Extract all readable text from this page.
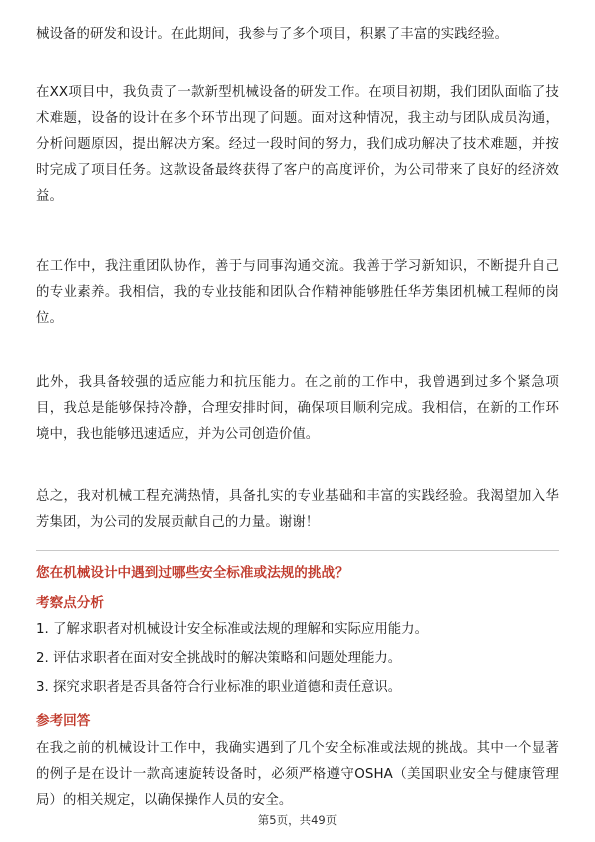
械设备的研发和设计。在此期间，我参与了多个项目，积累了丰富的实践经验。

在XX项目中，我负责了一款新型机械设备的研发工作。在项目初期，我们团队面临了技术难题，设备的设计在多个环节出现了问题。面对这种情况，我主动与团队成员沟通，分析问题原因，提出解决方案。经过一段时间的努力，我们成功解决了技术难题，并按时完成了项目任务。这款设备最终获得了客户的高度评价，为公司带来了良好的经济效益。

在工作中，我注重团队协作，善于与同事沟通交流。我善于学习新知识，不断提升自己的专业素养。我相信，我的专业技能和团队合作精神能够胜任华芳集团机械工程师的岗位。

此外，我具备较强的适应能力和抗压能力。在之前的工作中，我曾遇到过多个紧急项目，我总是能够保持冷静，合理安排时间，确保项目顺利完成。我相信，在新的工作环境中，我也能够迅速适应，并为公司创造价值。

总之，我对机械工程充满热情，具备扎实的专业基础和丰富的实践经验。我渴望加入华芳集团，为公司的发展贡献自己的力量。谢谢！

您在机械设计中遇到过哪些安全标准或法规的挑战？

考察点分析

1. 了解求职者对机械设计安全标准或法规的理解和实际应用能力。

2. 评估求职者在面对安全挑战时的解决策略和问题处理能力。

3. 探究求职者是否具备符合行业标准的职业道德和责任意识。

参考回答

在我之前的机械设计工作中，我确实遇到了几个安全标准或法规的挑战。其中一个显著的例子是在设计一款高速旋转设备时，必须严格遵守OSHA（美国职业安全与健康管理局）的相关规定，以确保操作人员的安全。

第5页，共49页
